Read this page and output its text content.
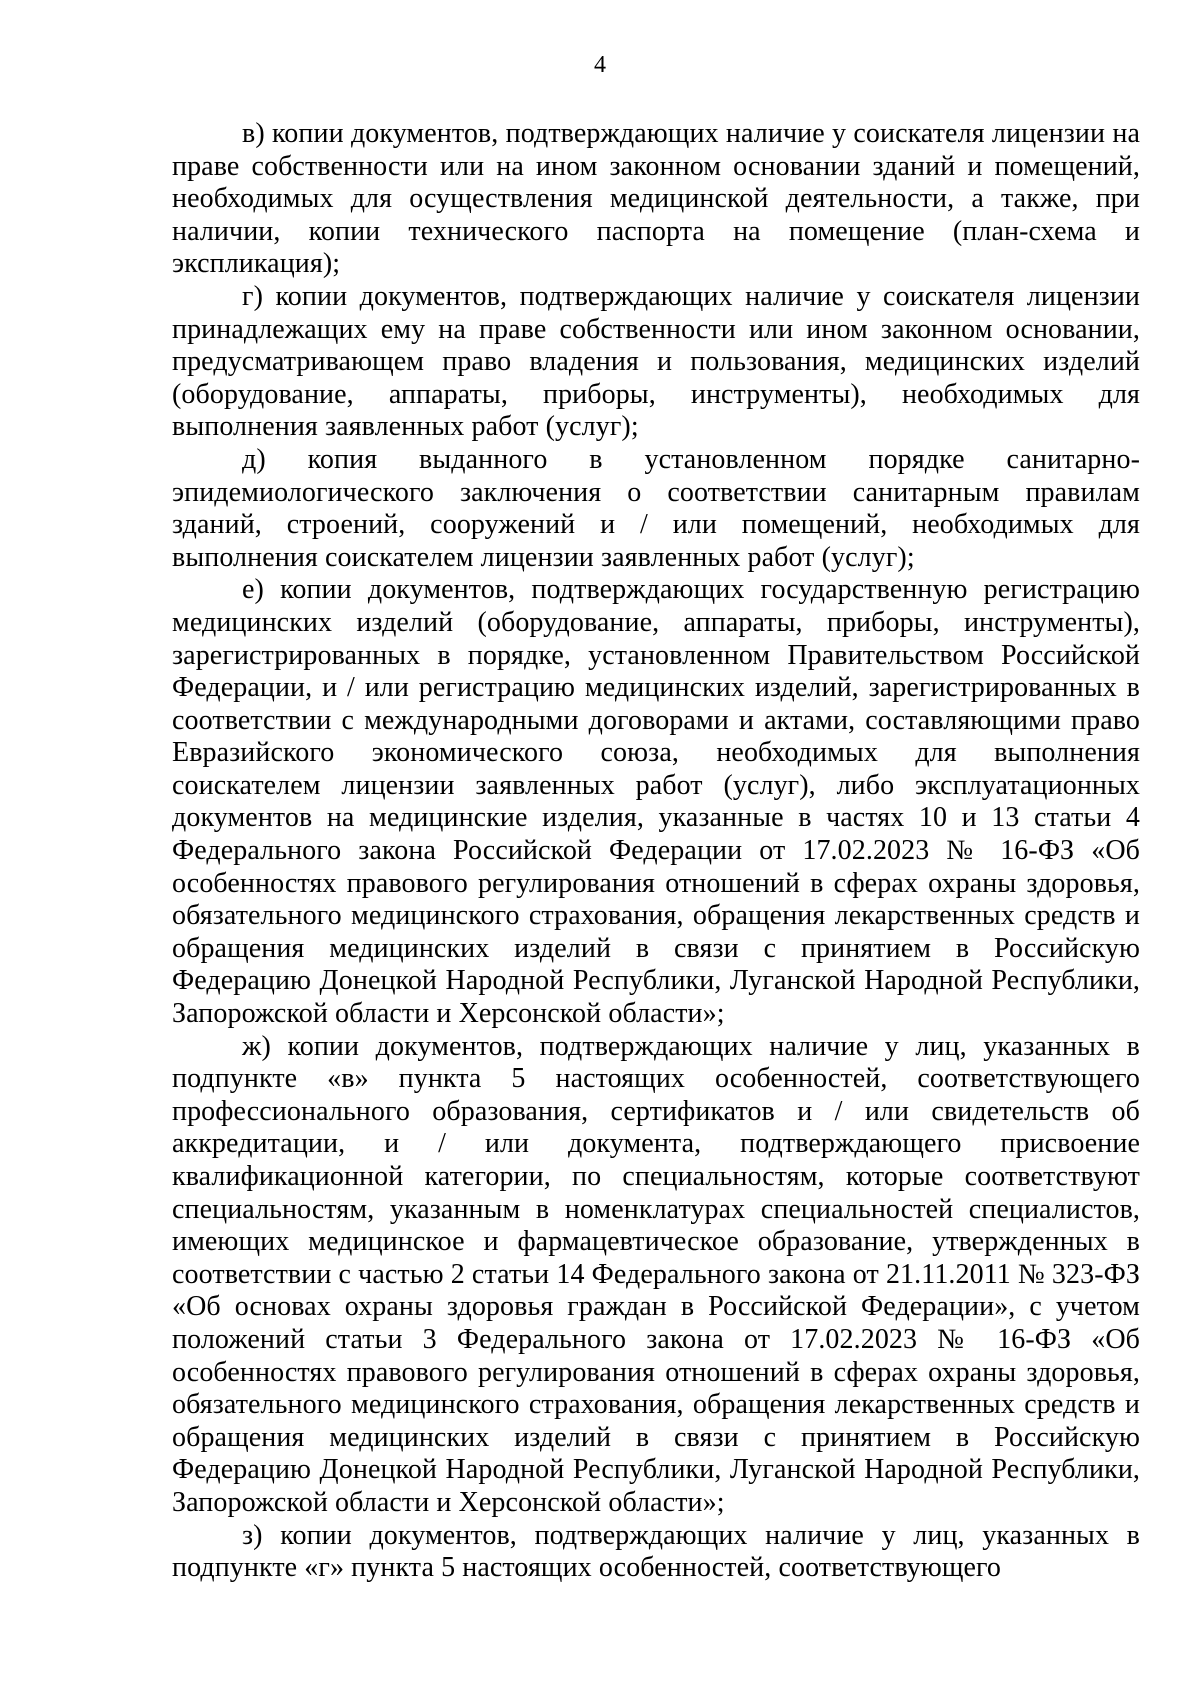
4

в) копии документов, подтверждающих наличие у соискателя лицензии на праве собственности или на ином законном основании зданий и помещений, необходимых для осуществления медицинской деятельности, а также, при наличии, копии технического паспорта на помещение (план-схема и экспликация);

г) копии документов, подтверждающих наличие у соискателя лицензии принадлежащих ему на праве собственности или ином законном основании, предусматривающем право владения и пользования, медицинских изделий (оборудование, аппараты, приборы, инструменты), необходимых для выполнения заявленных работ (услуг);

д) копия выданного в установленном порядке санитарно-эпидемиологического заключения о соответствии санитарным правилам зданий, строений, сооружений и / или помещений, необходимых для выполнения соискателем лицензии заявленных работ (услуг);

е) копии документов, подтверждающих государственную регистрацию медицинских изделий (оборудование, аппараты, приборы, инструменты), зарегистрированных в порядке, установленном Правительством Российской Федерации, и / или регистрацию медицинских изделий, зарегистрированных в соответствии с международными договорами и актами, составляющими право Евразийского экономического союза, необходимых для выполнения соискателем лицензии заявленных работ (услуг), либо эксплуатационных документов на медицинские изделия, указанные в частях 10 и 13 статьи 4 Федерального закона Российской Федерации от 17.02.2023 № 16-ФЗ «Об особенностях правового регулирования отношений в сферах охраны здоровья, обязательного медицинского страхования, обращения лекарственных средств и обращения медицинских изделий в связи с принятием в Российскую Федерацию Донецкой Народной Республики, Луганской Народной Республики, Запорожской области и Херсонской области»;

ж) копии документов, подтверждающих наличие у лиц, указанных в подпункте «в» пункта 5 настоящих особенностей, соответствующего профессионального образования, сертификатов и / или свидетельств об аккредитации, и / или документа, подтверждающего присвоение квалификационной категории, по специальностям, которые соответствуют специальностям, указанным в номенклатурах специальностей специалистов, имеющих медицинское и фармацевтическое образование, утвержденных в соответствии с частью 2 статьи 14 Федерального закона от 21.11.2011 № 323-ФЗ «Об основах охраны здоровья граждан в Российской Федерации», с учетом положений статьи 3 Федерального закона от 17.02.2023 № 16-ФЗ «Об особенностях правового регулирования отношений в сферах охраны здоровья, обязательного медицинского страхования, обращения лекарственных средств и обращения медицинских изделий в связи с принятием в Российскую Федерацию Донецкой Народной Республики, Луганской Народной Республики, Запорожской области и Херсонской области»;

з) копии документов, подтверждающих наличие у лиц, указанных в подпункте «г» пункта 5 настоящих особенностей, соответствующего
